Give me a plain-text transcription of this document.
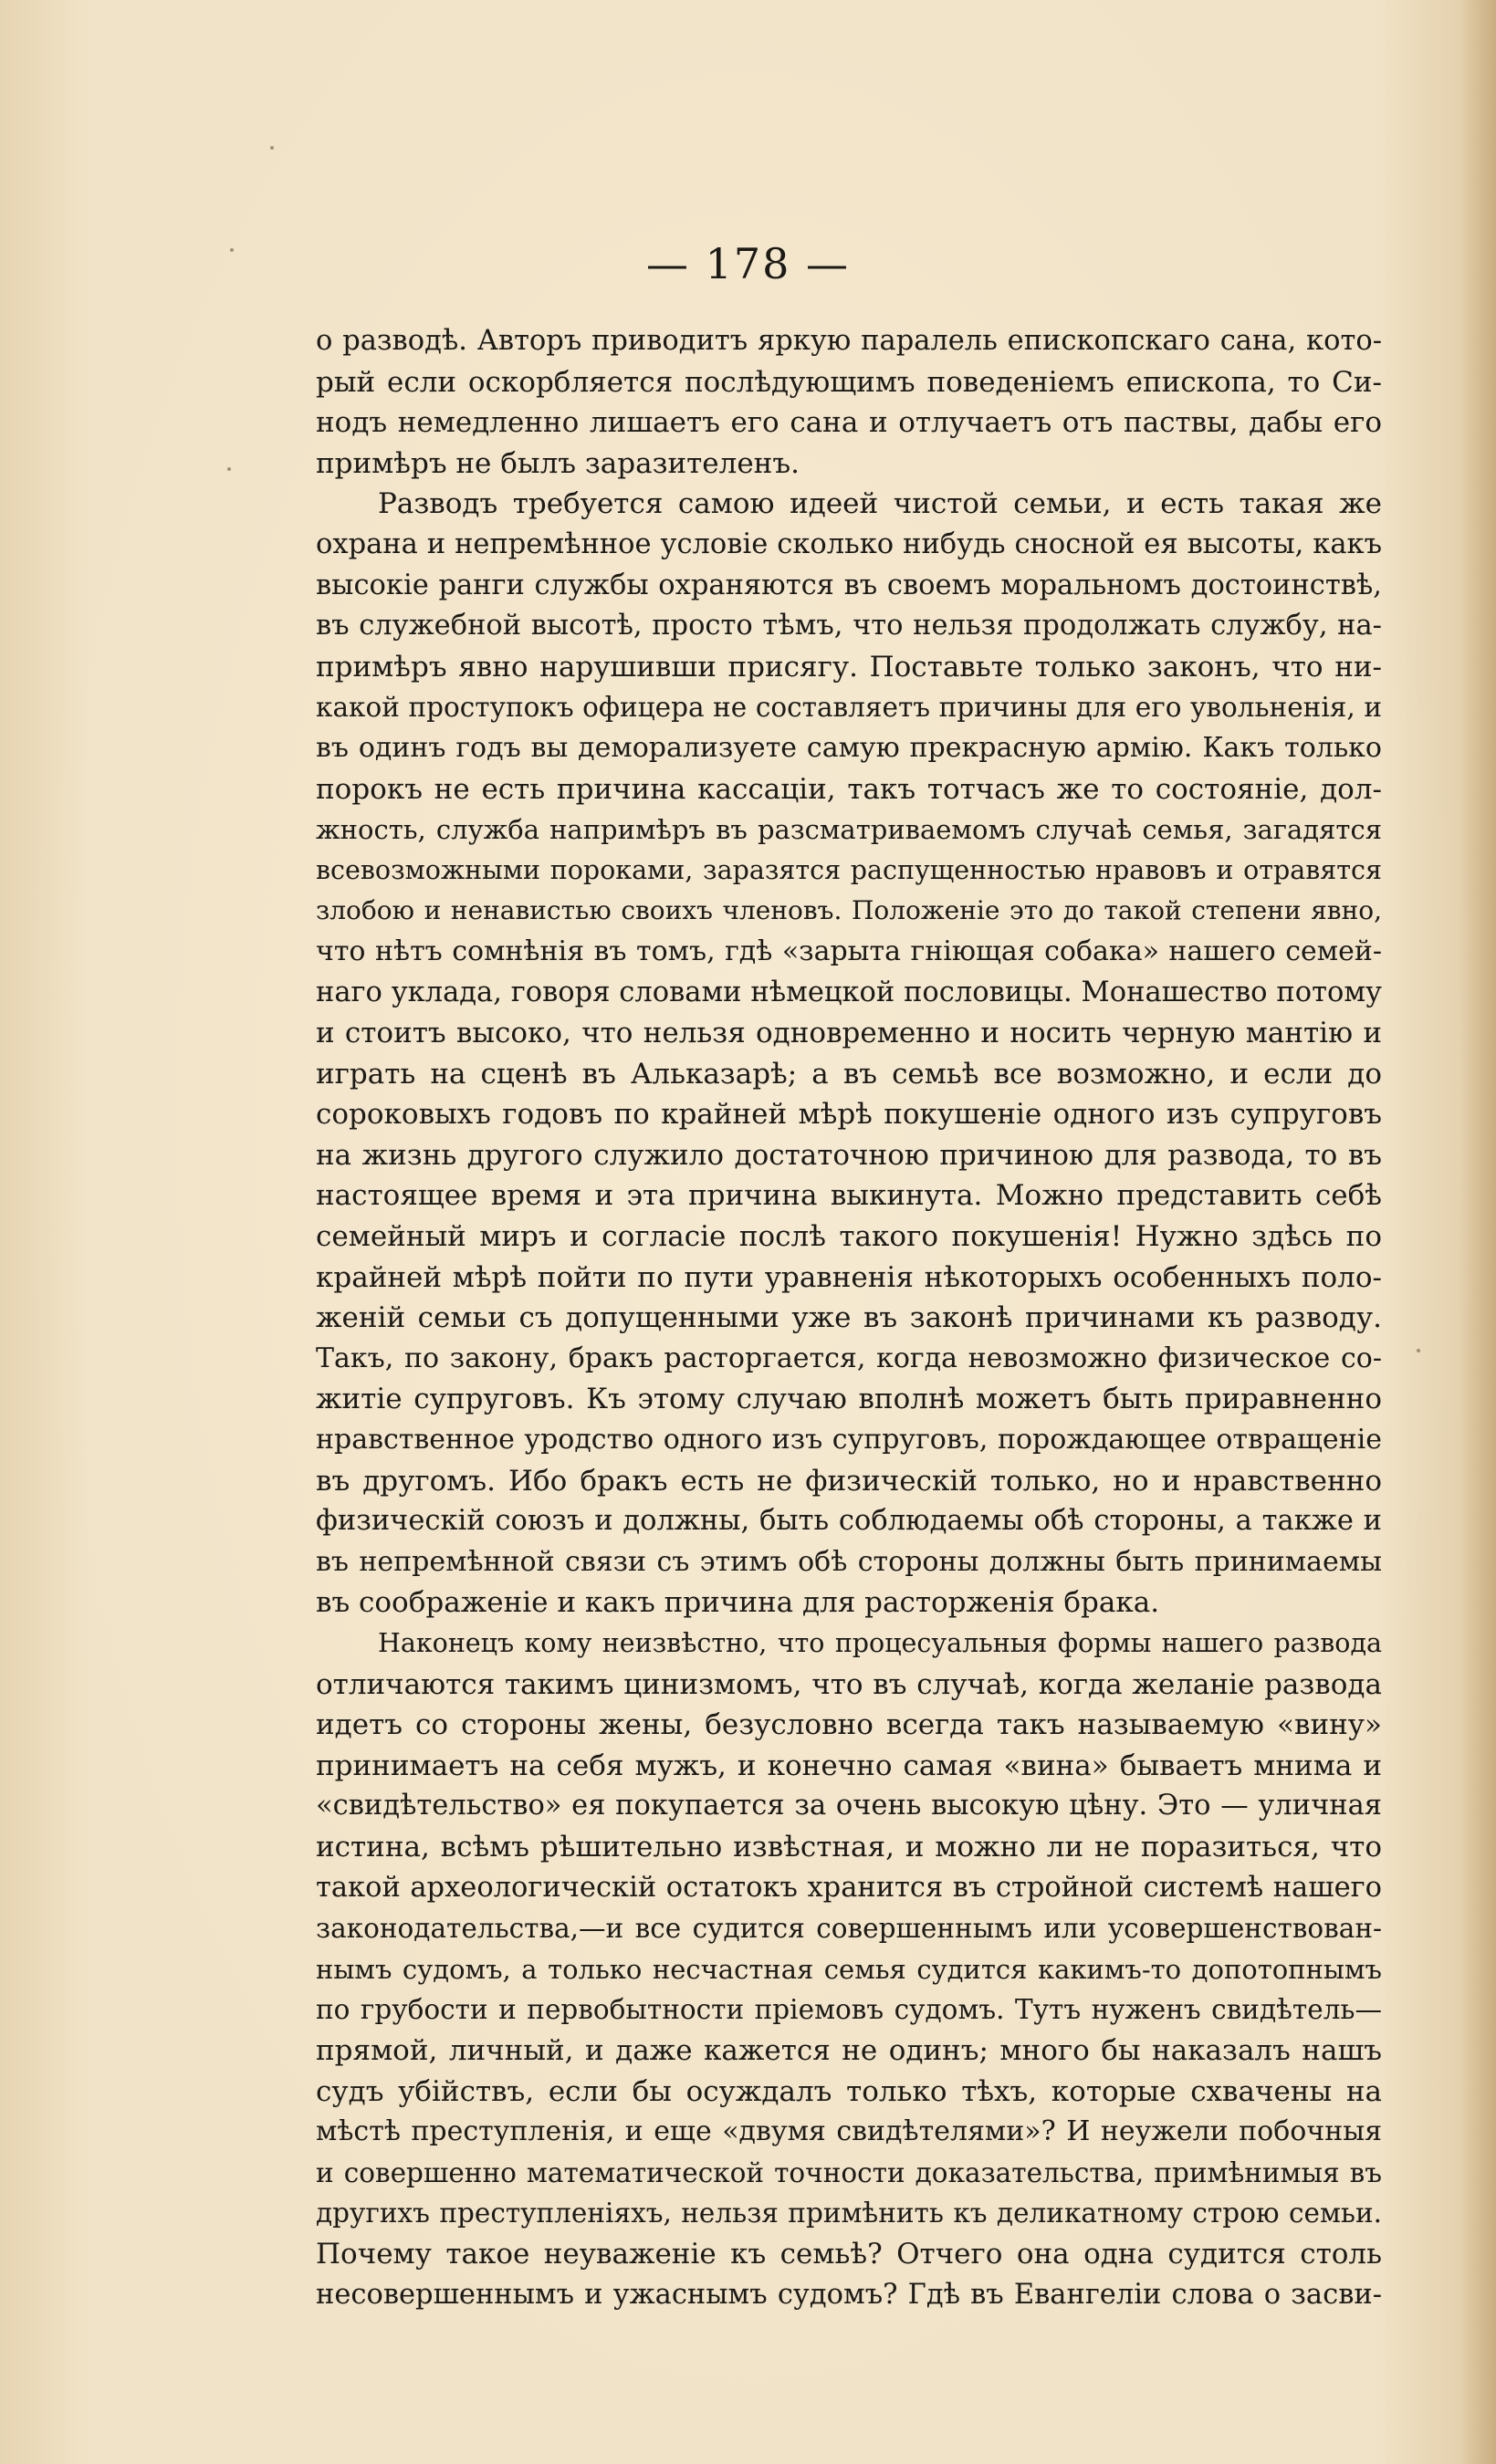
— 178 —
о разводѣ. Авторъ приводитъ яркую паралель епископскаго сана, кото-
рый если оскорбляется послѣдующимъ поведеніемъ епископа, то Си-
нодъ немедленно лишаетъ его сана и отлучаетъ отъ паствы, дабы его
примѣръ не былъ заразителенъ.
Разводъ требуется самою идеей чистой семьи, и есть такая же
охрана и непремѣнное условіе сколько нибудь сносной ея высоты, какъ
высокіе ранги службы охраняются въ своемъ моральномъ достоинствѣ,
въ служебной высотѣ, просто тѣмъ, что нельзя продолжать службу, на-
примѣръ явно нарушивши присягу. Поставьте только законъ, что ни-
какой проступокъ офицера не составляетъ причины для его увольненія, и
въ одинъ годъ вы деморализуете самую прекрасную армію. Какъ только
порокъ не есть причина кассаціи, такъ тотчасъ же то состояніе, дол-
жность, служба напримѣръ въ разсматриваемомъ случаѣ семья, загадятся
всевозможными пороками, заразятся распущенностью нравовъ и отравятся
злобою и ненавистью своихъ членовъ. Положеніе это до такой степени явно,
что нѣтъ сомнѣнія въ томъ, гдѣ «зарыта гніющая собака» нашего семей-
наго уклада, говоря словами нѣмецкой пословицы. Монашество потому
и стоитъ высоко, что нельзя одновременно и носить черную мантію и
играть на сценѣ въ Альказарѣ; а въ семьѣ все возможно, и если до
сороковыхъ годовъ по крайней мѣрѣ покушеніе одного изъ супруговъ
на жизнь другого служило достаточною причиною для развода, то въ
настоящее время и эта причина выкинута. Можно представить себѣ
семейный миръ и согласіе послѣ такого покушенія! Нужно здѣсь по
крайней мѣрѣ пойти по пути уравненія нѣкоторыхъ особенныхъ поло-
женій семьи съ допущенными уже въ законѣ причинами къ разводу.
Такъ, по закону, бракъ расторгается, когда невозможно физическое со-
житіе супруговъ. Къ этому случаю вполнѣ можетъ быть приравненно
нравственное уродство одного изъ супруговъ, порождающее отвращеніе
въ другомъ. Ибо бракъ есть не физическій только, но и нравственно
физическій союзъ и должны, быть соблюдаемы обѣ стороны, а также и
въ непремѣнной связи съ этимъ обѣ стороны должны быть принимаемы
въ соображеніе и какъ причина для расторженія брака.
Наконецъ кому неизвѣстно, что процесуальныя формы нашего развода
отличаются такимъ цинизмомъ, что въ случаѣ, когда желаніе развода
идетъ со стороны жены, безусловно всегда такъ называемую «вину»
принимаетъ на себя мужъ, и конечно самая «вина» бываетъ мнима и
«свидѣтельство» ея покупается за очень высокую цѣну. Это — уличная
истина, всѣмъ рѣшительно извѣстная, и можно ли не поразиться, что
такой археологическій остатокъ хранится въ стройной системѣ нашего
законодательства,—и все судится совершеннымъ или усовершенствован-
нымъ судомъ, а только несчастная семья судится какимъ-то допотопнымъ
по грубости и первобытности пріемовъ судомъ. Тутъ нуженъ свидѣтель—
прямой, личный, и даже кажется не одинъ; много бы наказалъ нашъ
судъ убійствъ, если бы осуждалъ только тѣхъ, которые схвачены на
мѣстѣ преступленія, и еще «двумя свидѣтелями»? И неужели побочныя
и совершенно математической точности доказательства, примѣнимыя въ
другихъ преступленіяхъ, нельзя примѣнить къ деликатному строю семьи.
Почему такое неуваженіе къ семьѣ? Отчего она одна судится столь
несовершеннымъ и ужаснымъ судомъ? Гдѣ въ Евангеліи слова о засви-
